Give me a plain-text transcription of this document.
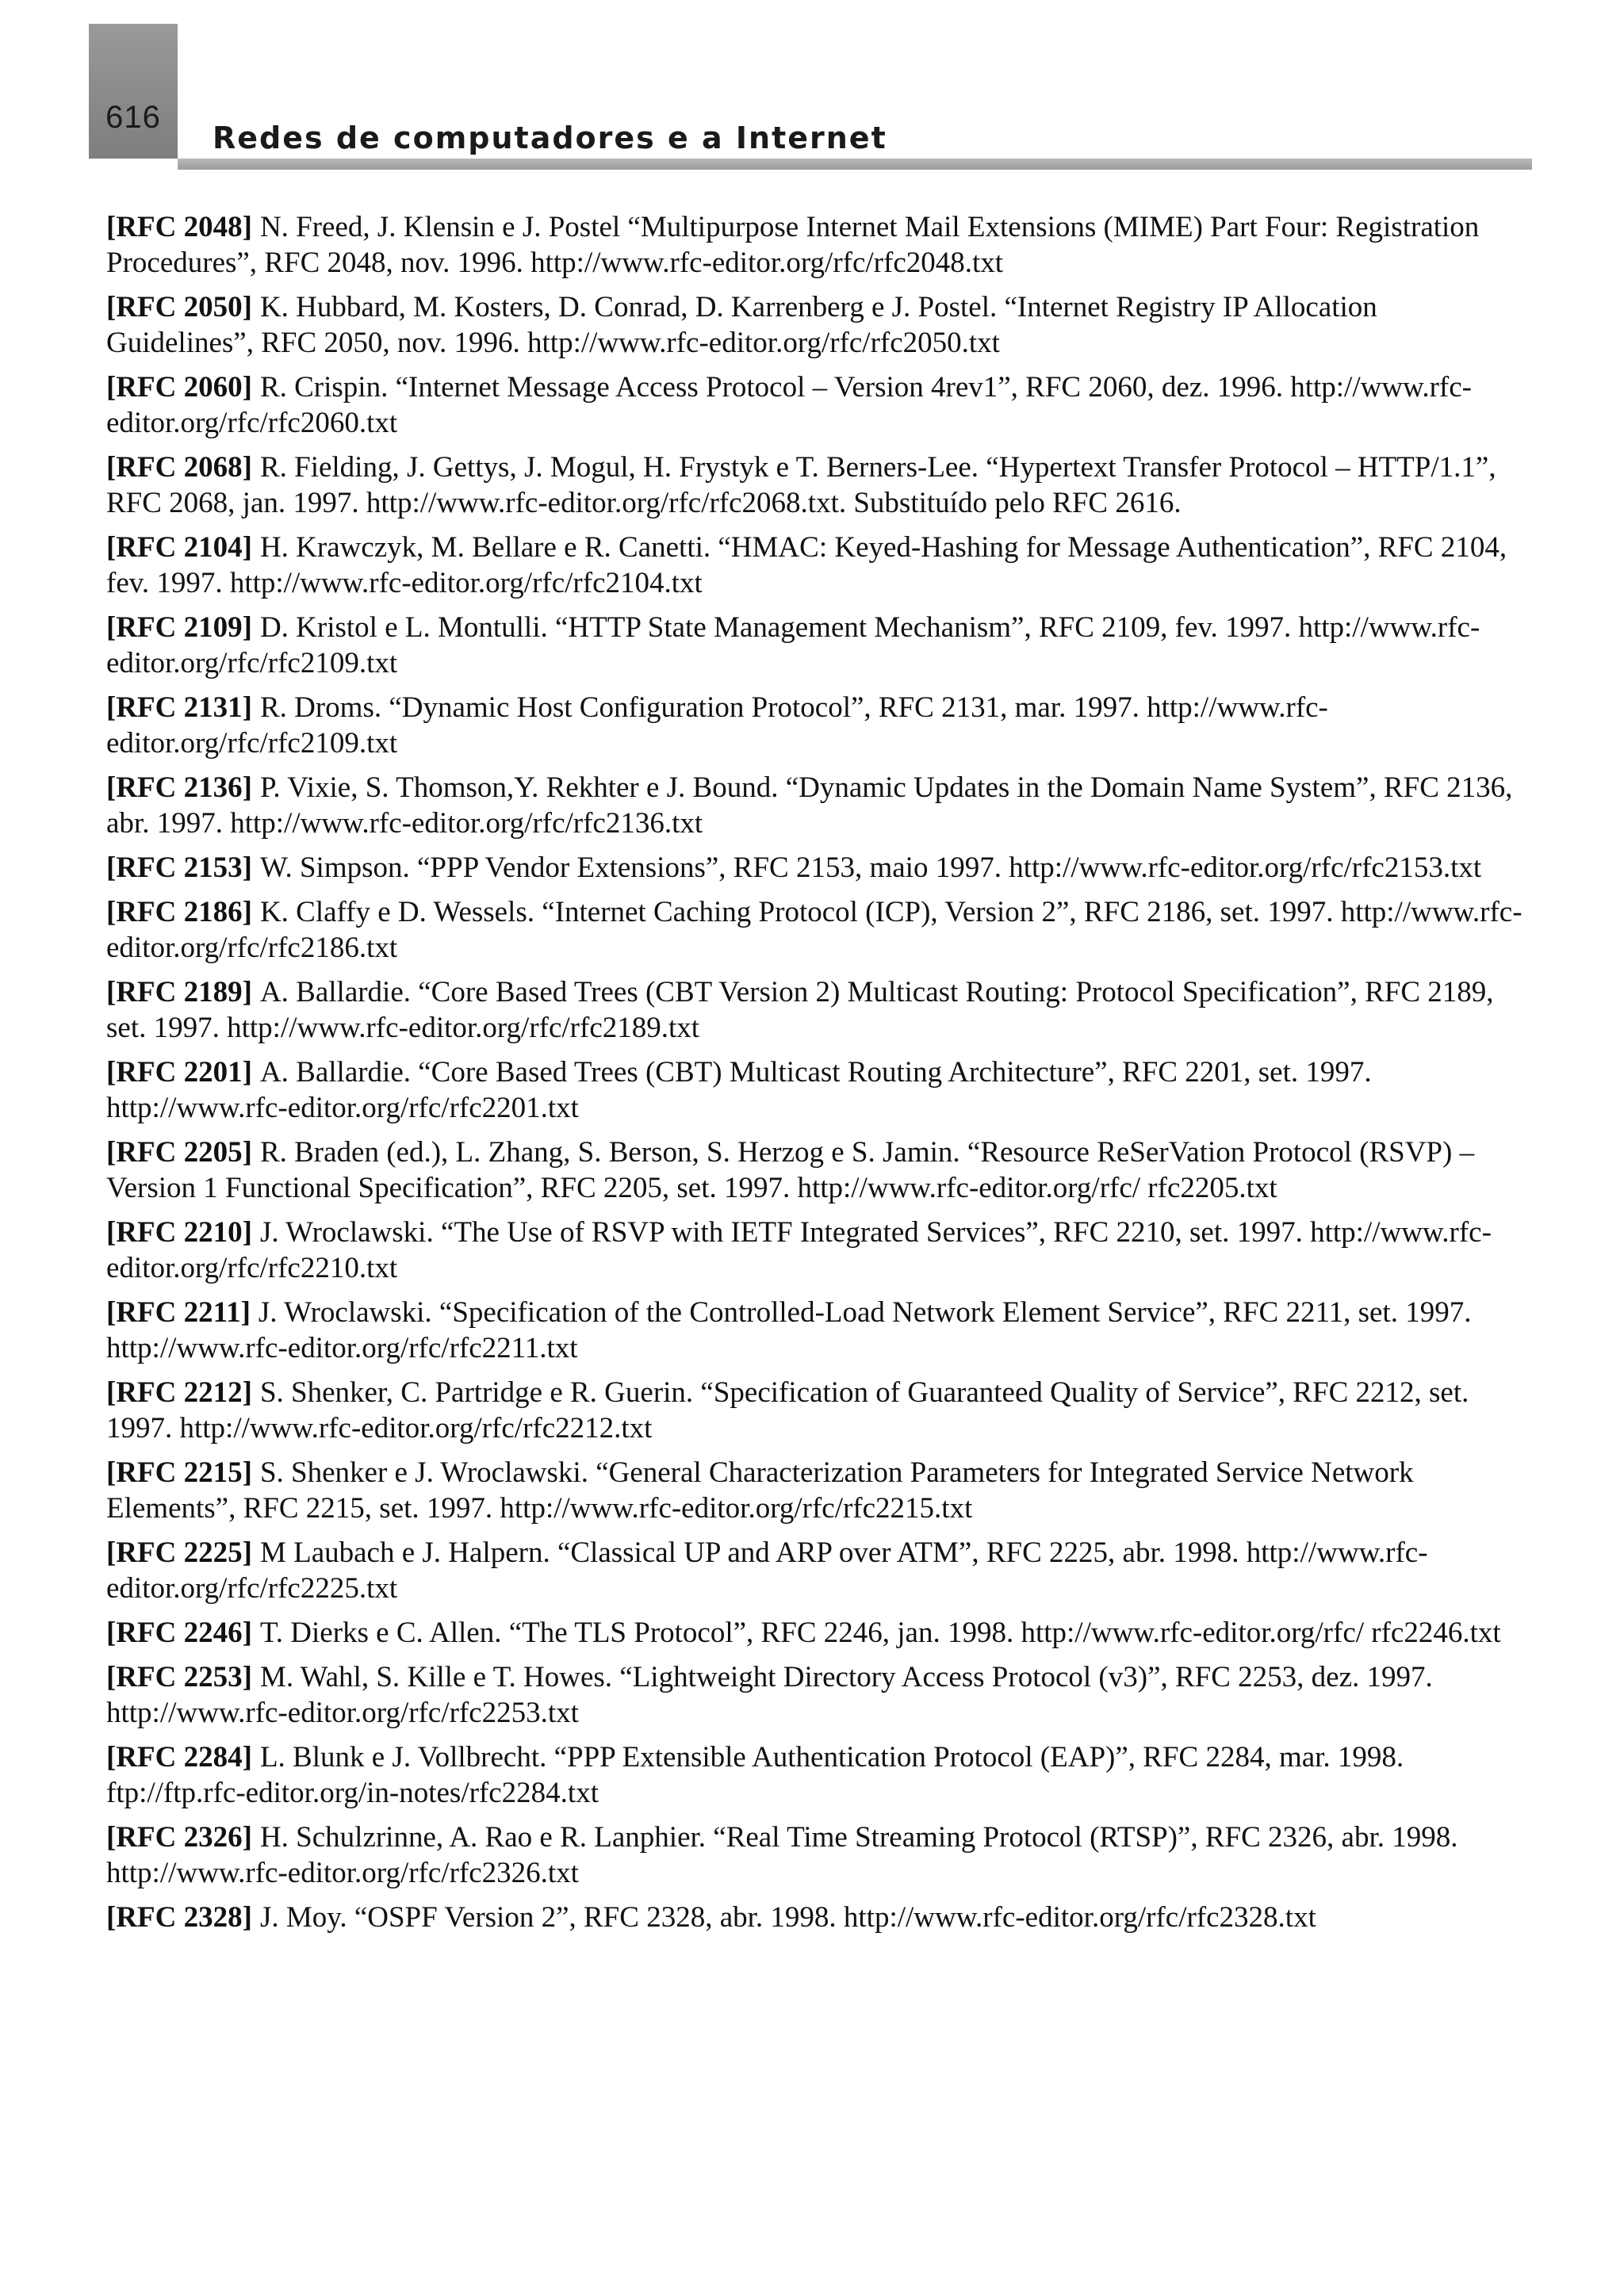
616
Redes de computadores e a Internet
[RFC 2048] N. Freed, J. Klensin e J. Postel “Multipurpose Internet Mail Extensions (MIME) Part Four: Registration Procedures”, RFC 2048, nov. 1996. http://www.rfc-editor.org/rfc/rfc2048.txt
[RFC 2050] K. Hubbard, M. Kosters, D. Conrad, D. Karrenberg e J. Postel. “Internet Registry IP Allocation Guidelines”, RFC 2050, nov. 1996. http://www.rfc-editor.org/rfc/rfc2050.txt
[RFC 2060] R. Crispin. “Internet Message Access Protocol – Version 4rev1”, RFC 2060, dez. 1996. http://www.rfc-editor.org/rfc/rfc2060.txt
[RFC 2068] R. Fielding, J. Gettys, J. Mogul, H. Frystyk e T. Berners-Lee. “Hypertext Transfer Protocol – HTTP/1.1”, RFC 2068, jan. 1997. http://www.rfc-editor.org/rfc/rfc2068.txt. Substituído pelo RFC 2616.
[RFC 2104] H. Krawczyk, M. Bellare e R. Canetti. “HMAC: Keyed-Hashing for Message Authentication”, RFC 2104, fev. 1997. http://www.rfc-editor.org/rfc/rfc2104.txt
[RFC 2109] D. Kristol e L. Montulli. “HTTP State Management Mechanism”, RFC 2109, fev. 1997. http://www.rfc-editor.org/rfc/rfc2109.txt
[RFC 2131] R. Droms. “Dynamic Host Configuration Protocol”, RFC 2131, mar. 1997. http://www.rfc-editor.org/rfc/rfc2109.txt
[RFC 2136] P. Vixie, S. Thomson,Y. Rekhter e J. Bound. “Dynamic Updates in the Domain Name System”, RFC 2136, abr. 1997. http://www.rfc-editor.org/rfc/rfc2136.txt
[RFC 2153] W. Simpson. “PPP Vendor Extensions”, RFC 2153, maio 1997. http://www.rfc-editor.org/rfc/rfc2153.txt
[RFC 2186] K. Claffy e D. Wessels. “Internet Caching Protocol (ICP), Version 2”, RFC 2186, set. 1997. http://www.rfc-editor.org/rfc/rfc2186.txt
[RFC 2189] A. Ballardie. “Core Based Trees (CBT Version 2) Multicast Routing: Protocol Specification”, RFC 2189, set. 1997. http://www.rfc-editor.org/rfc/rfc2189.txt
[RFC 2201] A. Ballardie. “Core Based Trees (CBT) Multicast Routing Architecture”, RFC 2201, set. 1997. http://www.rfc-editor.org/rfc/rfc2201.txt
[RFC 2205] R. Braden (ed.), L. Zhang, S. Berson, S. Herzog e S. Jamin. “Resource ReSerVation Protocol (RSVP) – Version 1 Functional Specification”, RFC 2205, set. 1997. http://www.rfc-editor.org/rfc/ rfc2205.txt
[RFC 2210] J. Wroclawski. “The Use of RSVP with IETF Integrated Services”, RFC 2210, set. 1997. http://www.rfc-editor.org/rfc/rfc2210.txt
[RFC 2211] J. Wroclawski. “Specification of the Controlled-Load Network Element Service”, RFC 2211, set. 1997. http://www.rfc-editor.org/rfc/rfc2211.txt
[RFC 2212] S. Shenker, C. Partridge e R. Guerin. “Specification of Guaranteed Quality of Service”, RFC 2212, set. 1997. http://www.rfc-editor.org/rfc/rfc2212.txt
[RFC 2215] S. Shenker e J. Wroclawski. “General Characterization Parameters for Integrated Service Network Elements”, RFC 2215, set. 1997. http://www.rfc-editor.org/rfc/rfc2215.txt
[RFC 2225] M Laubach e J. Halpern. “Classical UP and ARP over ATM”, RFC 2225, abr. 1998. http://www.rfc-editor.org/rfc/rfc2225.txt
[RFC 2246] T. Dierks e C. Allen. “The TLS Protocol”, RFC 2246, jan. 1998. http://www.rfc-editor.org/rfc/ rfc2246.txt
[RFC 2253] M. Wahl, S. Kille e T. Howes. “Lightweight Directory Access Protocol (v3)”, RFC 2253, dez. 1997. http://www.rfc-editor.org/rfc/rfc2253.txt
[RFC 2284] L. Blunk e J. Vollbrecht. “PPP Extensible Authentication Protocol (EAP)”, RFC 2284, mar. 1998. ftp://ftp.rfc-editor.org/in-notes/rfc2284.txt
[RFC 2326] H. Schulzrinne, A. Rao e R. Lanphier. “Real Time Streaming Protocol (RTSP)”, RFC 2326, abr. 1998. http://www.rfc-editor.org/rfc/rfc2326.txt
[RFC 2328] J. Moy. “OSPF Version 2”, RFC 2328, abr. 1998. http://www.rfc-editor.org/rfc/rfc2328.txt
